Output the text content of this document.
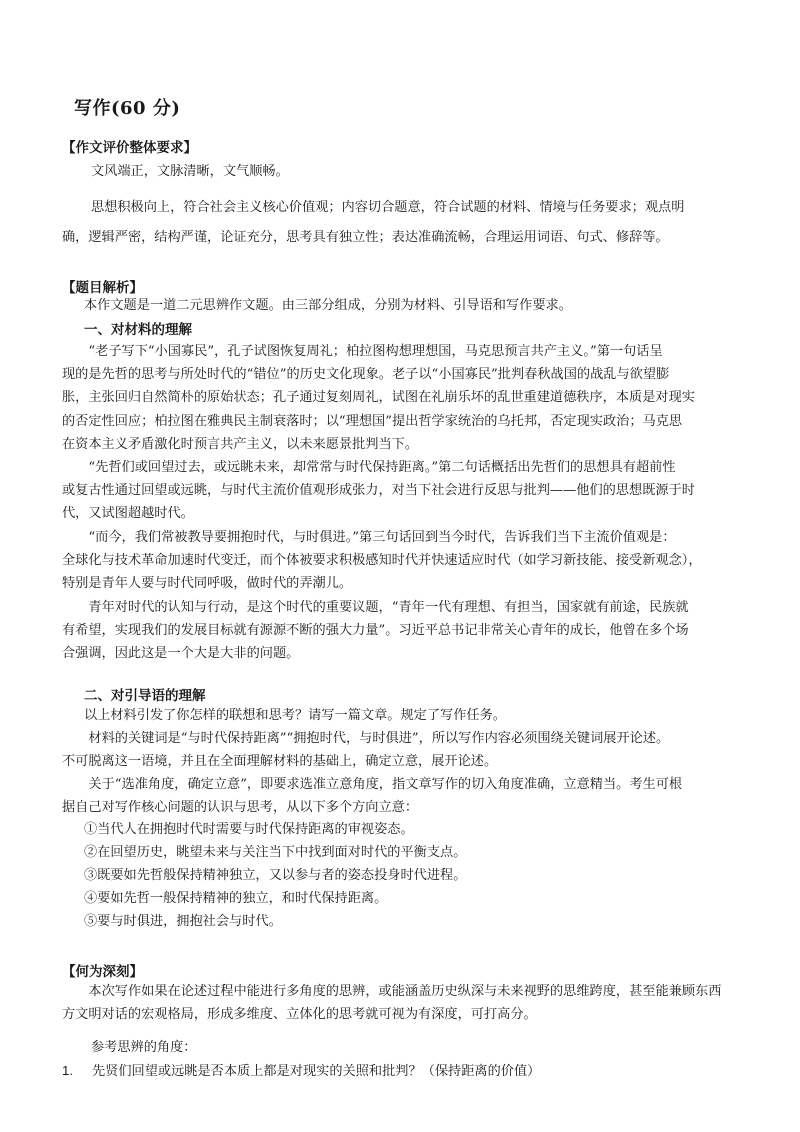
写作(60 分)
【作文评价整体要求】
文风端正，文脉清晰，文气顺畅。
思想积极向上，符合社会主义核心价值观；内容切合题意，符合试题的材料、情境与任务要求；观点明
确，逻辑严密，结构严谨，论证充分，思考具有独立性；表达准确流畅，合理运用词语、句式、修辞等。
【题目解析】
本作文题是一道二元思辨作文题。由三部分组成，分别为材料、引导语和写作要求。
一、对材料的理解
“老子写下“小国寡民”，孔子试图恢复周礼；柏拉图构想理想国，马克思预言共产主义。”第一句话呈
现的是先哲的思考与所处时代的“错位”的历史文化现象。老子以“小国寡民”批判春秋战国的战乱与欲望膨
胀，主张回归自然简朴的原始状态；孔子通过复刻周礼，试图在礼崩乐坏的乱世重建道德秩序，本质是对现实
的否定性回应；柏拉图在雅典民主制衰落时；以“理想国”提出哲学家统治的乌托邦，否定现实政治；马克思
在资本主义矛盾激化时预言共产主义，以未来愿景批判当下。
“先哲们或回望过去，或远眺未来，却常常与时代保持距离。”第二句话概括出先哲们的思想具有超前性
或复古性通过回望或远眺，与时代主流价值观形成张力，对当下社会进行反思与批判——他们的思想既源于时
代，又试图超越时代。
“而今，我们常被教导要拥抱时代，与时俱进。”第三句话回到当今时代，告诉我们当下主流价值观是：
全球化与技术革命加速时代变迁，而个体被要求积极感知时代并快速适应时代（如学习新技能、接受新观念），
特别是青年人要与时代同呼吸，做时代的弄潮儿。
青年对时代的认知与行动，是这个时代的重要议题，“青年一代有理想、有担当，国家就有前途，民族就
有希望，实现我们的发展目标就有源源不断的强大力量”。习近平总书记非常关心青年的成长，他曾在多个场
合强调，因此这是一个大是大非的问题。
二、对引导语的理解
以上材料引发了你怎样的联想和思考？请写一篇文章。规定了写作任务。
材料的关键词是“与时代保持距离”“拥抱时代，与时俱进”，所以写作内容必须围绕关键词展开论述。
不可脱离这一语境，并且在全面理解材料的基础上，确定立意，展开论述。
关于“选准角度，确定立意”，即要求选准立意角度，指文章写作的切入角度准确，立意精当。考生可根
据自己对写作核心问题的认识与思考，从以下多个方向立意：
①当代人在拥抱时代时需要与时代保持距离的审视姿态。
②在回望历史，眺望未来与关注当下中找到面对时代的平衡支点。
③既要如先哲般保持精神独立，又以参与者的姿态投身时代进程。
④要如先哲一般保持精神的独立，和时代保持距离。
⑤要与时俱进，拥抱社会与时代。
【何为深刻】
本次写作如果在论述过程中能进行多角度的思辨，或能涵盖历史纵深与未来视野的思维跨度，甚至能兼顾东西
方文明对话的宏观格局，形成多维度、立体化的思考就可视为有深度，可打高分。
参考思辨的角度：
1. 先贤们回望或远眺是否本质上都是对现实的关照和批判？（保持距离的价值）
